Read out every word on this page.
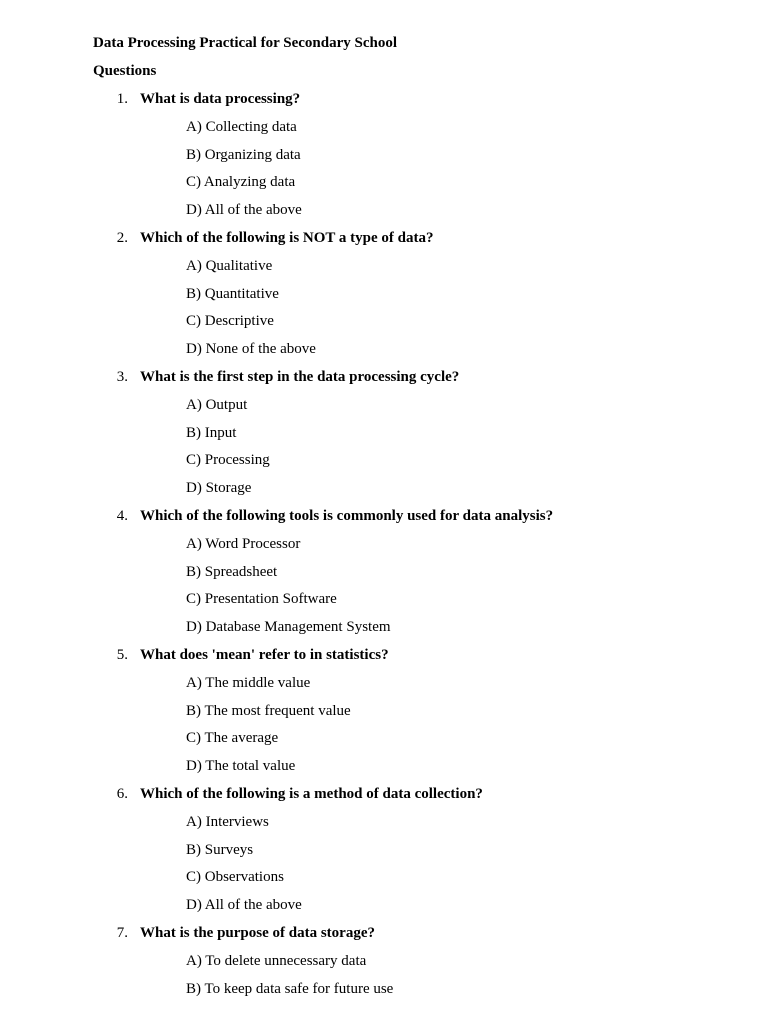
Data Processing Practical for Secondary School
Questions
1. What is data processing?
A) Collecting data
B) Organizing data
C) Analyzing data
D) All of the above
2. Which of the following is NOT a type of data?
A) Qualitative
B) Quantitative
C) Descriptive
D) None of the above
3. What is the first step in the data processing cycle?
A) Output
B) Input
C) Processing
D) Storage
4. Which of the following tools is commonly used for data analysis?
A) Word Processor
B) Spreadsheet
C) Presentation Software
D) Database Management System
5. What does 'mean' refer to in statistics?
A) The middle value
B) The most frequent value
C) The average
D) The total value
6. Which of the following is a method of data collection?
A) Interviews
B) Surveys
C) Observations
D) All of the above
7. What is the purpose of data storage?
A) To delete unnecessary data
B) To keep data safe for future use
